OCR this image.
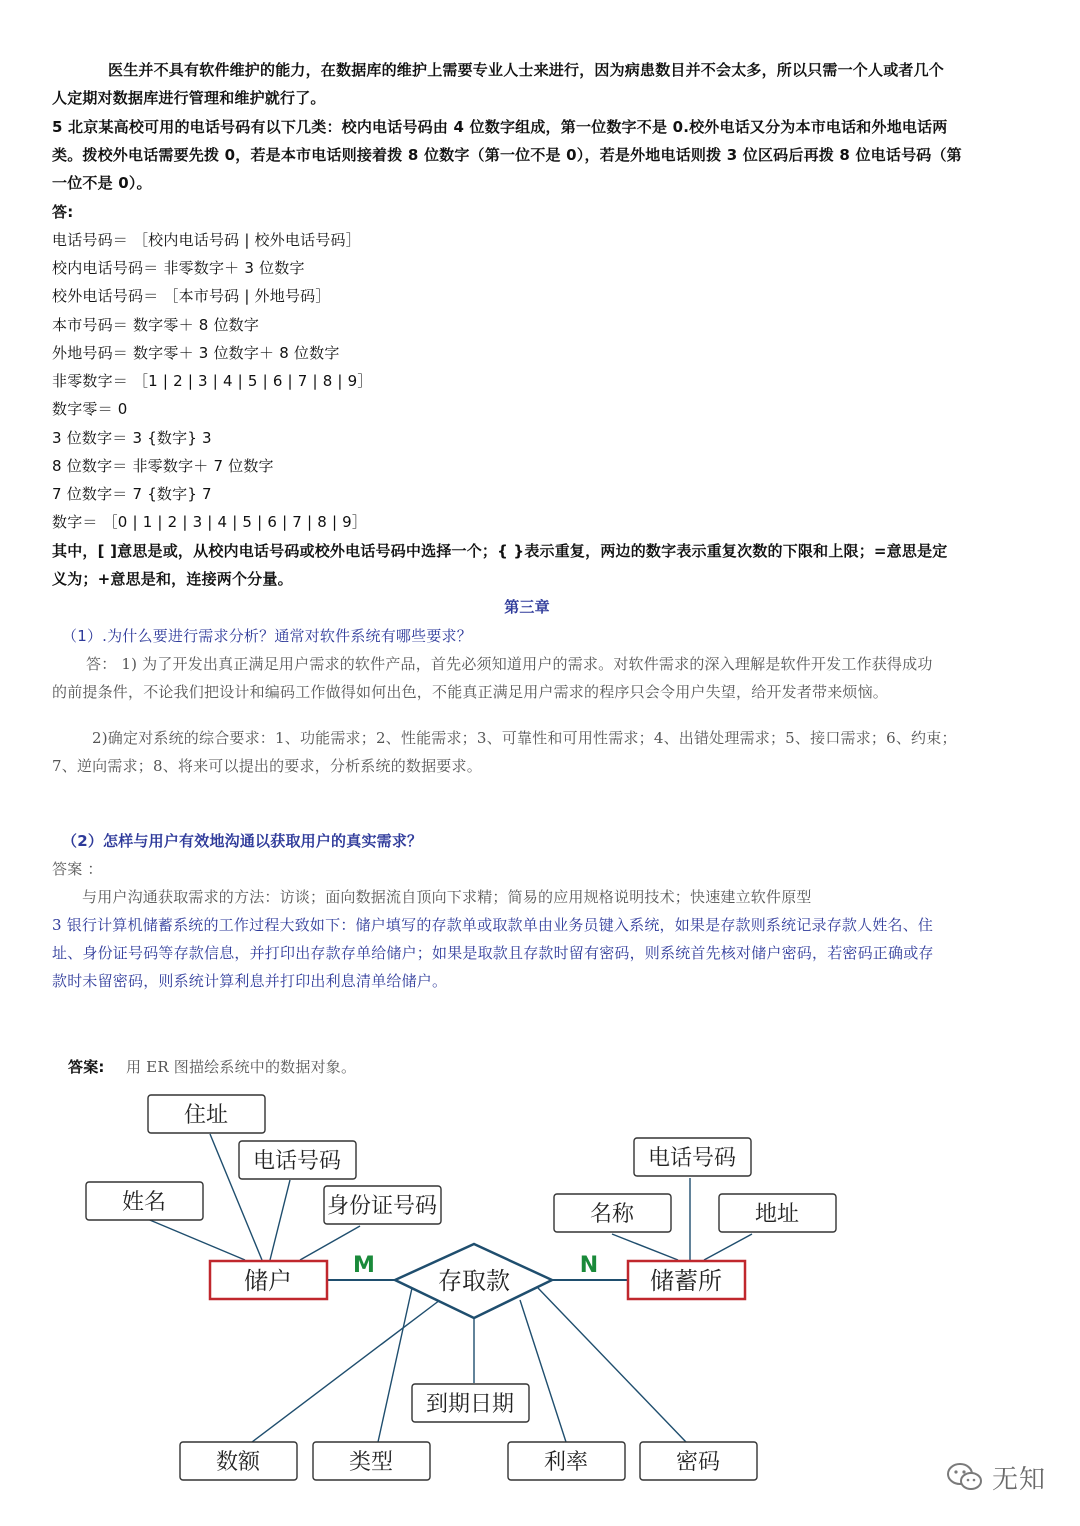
医生并不具有软件维护的能力，在数据库的维护上需要专业人士来进行，因为病患数目并不会太多，所以只需一个人或者几个
人定期对数据库进行管理和维护就行了。
5 北京某高校可用的电话号码有以下几类：校内电话号码由 4 位数字组成，第一位数字不是 0.校外电话又分为本市电话和外地电话两
类。拨校外电话需要先拨 0，若是本市电话则接着拨 8 位数字（第一位不是 0），若是外地电话则拨 3 位区码后再拨 8 位电话号码（第
一位不是 0）。
答:
电话号码＝ ［校内电话号码 | 校外电话号码］
校内电话号码＝ 非零数字＋ 3 位数字
校外电话号码＝ ［本市号码 | 外地号码］
本市号码＝ 数字零＋ 8 位数字
外地号码＝ 数字零＋ 3 位数字＋ 8 位数字
非零数字＝ ［1 | 2 | 3 | 4 | 5 | 6 | 7 | 8 | 9］
数字零＝ 0
3 位数字＝ 3 {数字} 3
8 位数字＝ 非零数字＋ 7 位数字
7 位数字＝ 7 {数字} 7
数字＝ ［0 | 1 | 2 | 3 | 4 | 5 | 6 | 7 | 8 | 9］
其中，[ ]意思是或，从校内电话号码或校外电话号码中选择一个；{ }表示重复，两边的数字表示重复次数的下限和上限；=意思是定
义为；+意思是和，连接两个分量。
第三章
（1）.为什么要进行需求分析？通常对软件系统有哪些要求？
答： 1) 为了开发出真正满足用户需求的软件产品，首先必须知道用户的需求。对软件需求的深入理解是软件开发工作获得成功
的前提条件，不论我们把设计和编码工作做得如何出色，不能真正满足用户需求的程序只会令用户失望，给开发者带来烦恼。
2)确定对系统的综合要求：1、功能需求；2、性能需求；3、可靠性和可用性需求；4、出错处理需求；5、接口需求；6、约束；
7、逆向需求；8、将来可以提出的要求，分析系统的数据要求。
（2）怎样与用户有效地沟通以获取用户的真实需求？
答案 ：
与用户沟通获取需求的方法：访谈；面向数据流自顶向下求精；简易的应用规格说明技术；快速建立软件原型
3 银行计算机储蓄系统的工作过程大致如下：储户填写的存款单或取款单由业务员键入系统，如果是存款则系统记录存款人姓名、住
址、身份证号码等存款信息，并打印出存款存单给储户；如果是取款且存款时留有密码，则系统首先核对储户密码，若密码正确或存
款时未留密码，则系统计算利息并打印出利息清单给储户。
答案: 用 ER 图描绘系统中的数据对象。
住址
电话号码
姓名	身份证号码
电话号码
名称	地址
到期日期
数额	类型	利率	密码
储户	储蓄所
存取款
M	N
无知
